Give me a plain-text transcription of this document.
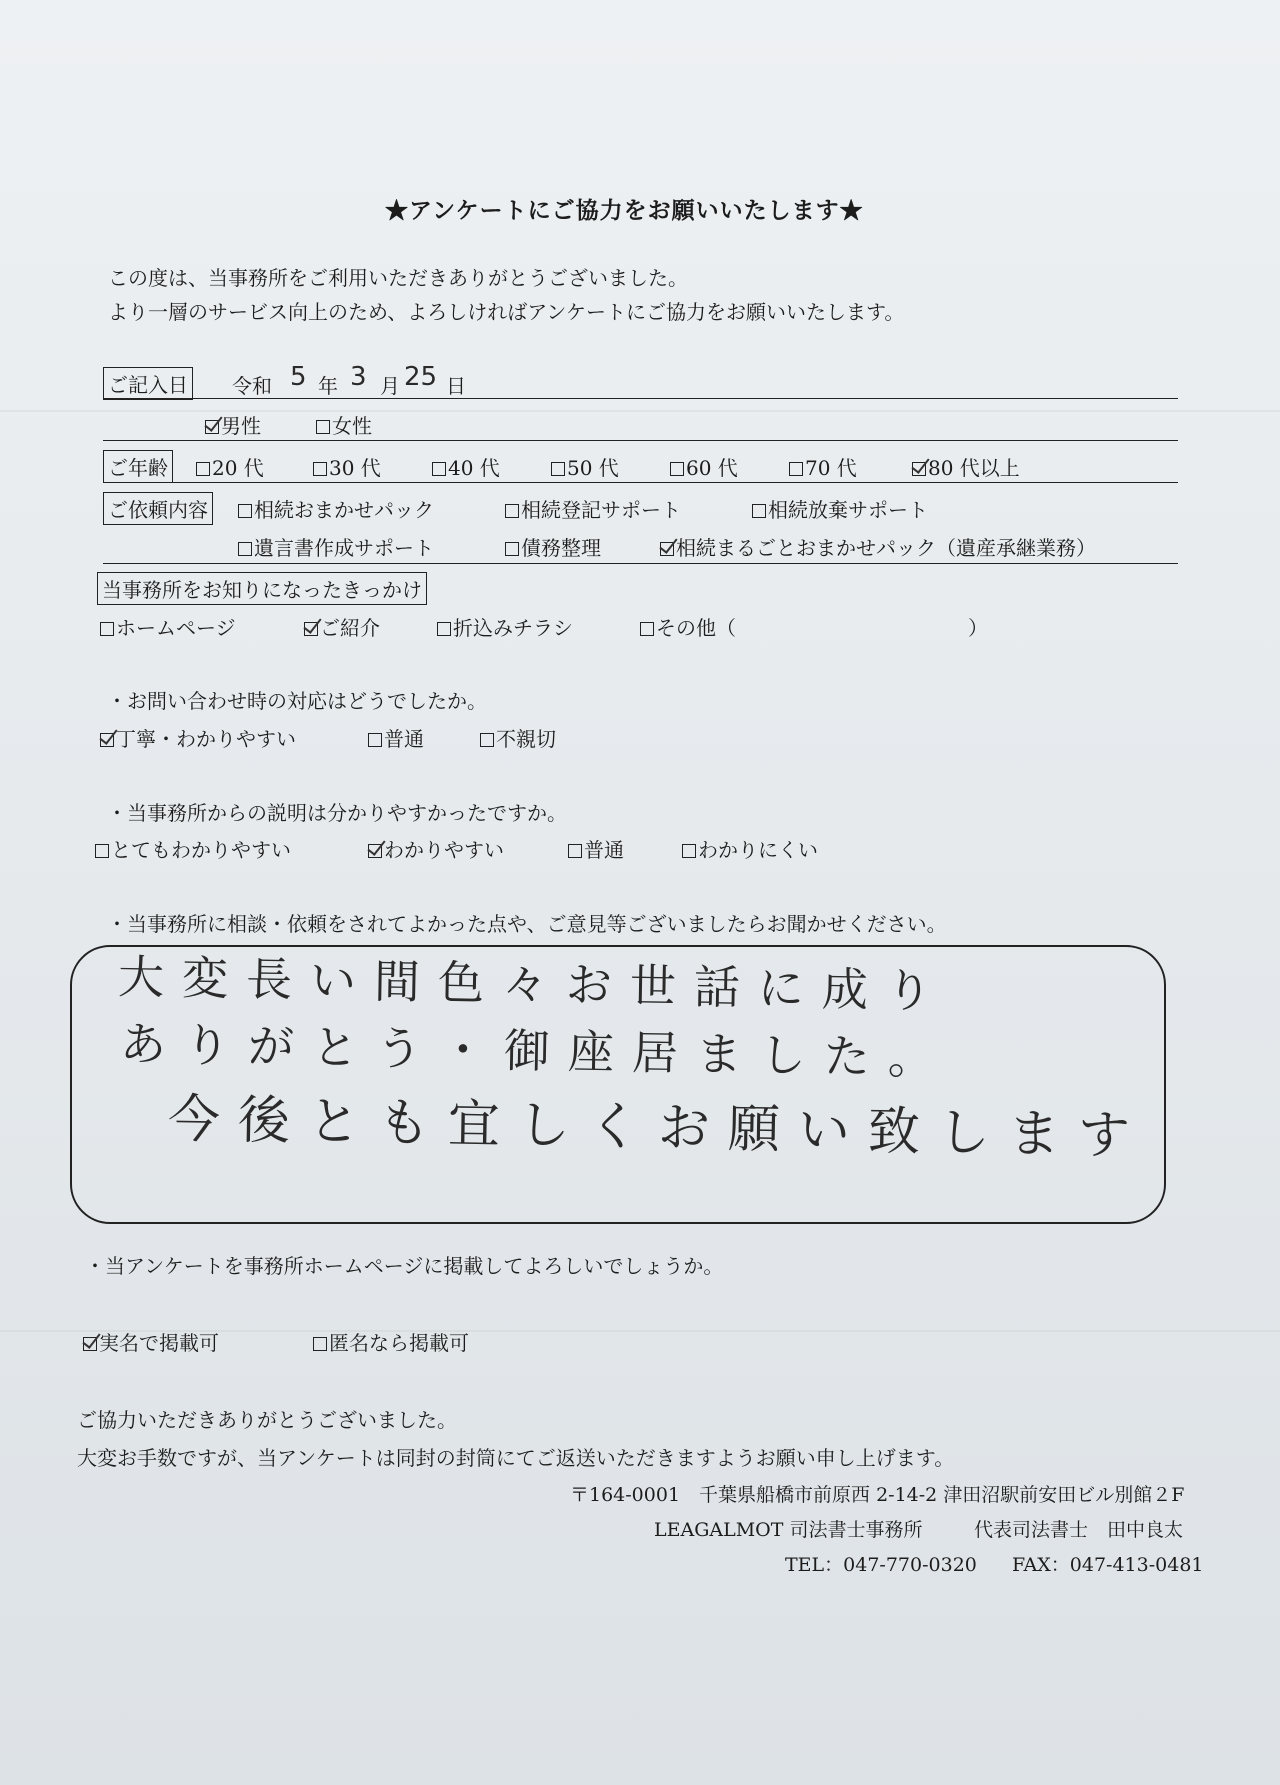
★アンケートにご協力をお願いいたします★
この度は、当事務所をご利用いただきありがとうございました。
より一層のサービス向上のため、よろしければアンケートにご協力をお願いいたします。
ご記入日 令和 5 年 3 月 25 日
男性	女性
ご年齢	20 代	30 代	40 代	50 代	60 代	70 代	80 代以上
ご依頼内容	相続おまかせパック	相続登記サポート	相続放棄サポート
遺言書作成サポート	債務整理	相続まるごとおまかせパック（遺産承継業務）
当事務所をお知りになったきっかけ
ホームページ	ご紹介	折込みチラシ	その他（	）
・お問い合わせ時の対応はどうでしたか。
丁寧・わかりやすい	普通	不親切
・当事務所からの説明は分かりやすかったですか。
とてもわかりやすい	わかりやすい	普通	わかりにくい
・当事務所に相談・依頼をされてよかった点や、ご意見等ございましたらお聞かせください。
大変長い間色々お世話に成り
ありがとう・御座居ました。
今後とも宜しくお願い致します
・当アンケートを事務所ホームページに掲載してよろしいでしょうか。
実名で掲載可	匿名なら掲載可
ご協力いただきありがとうございました。
大変お手数ですが、当アンケートは同封の封筒にてご返送いただきますようお願い申し上げます。
〒164-0001　千葉県船橋市前原西 2-14-2 津田沼駅前安田ビル別館２F
LEAGALMOT 司法書士事務所	代表司法書士　田中良太
TEL：047-770-0320 FAX：047-413-0481
